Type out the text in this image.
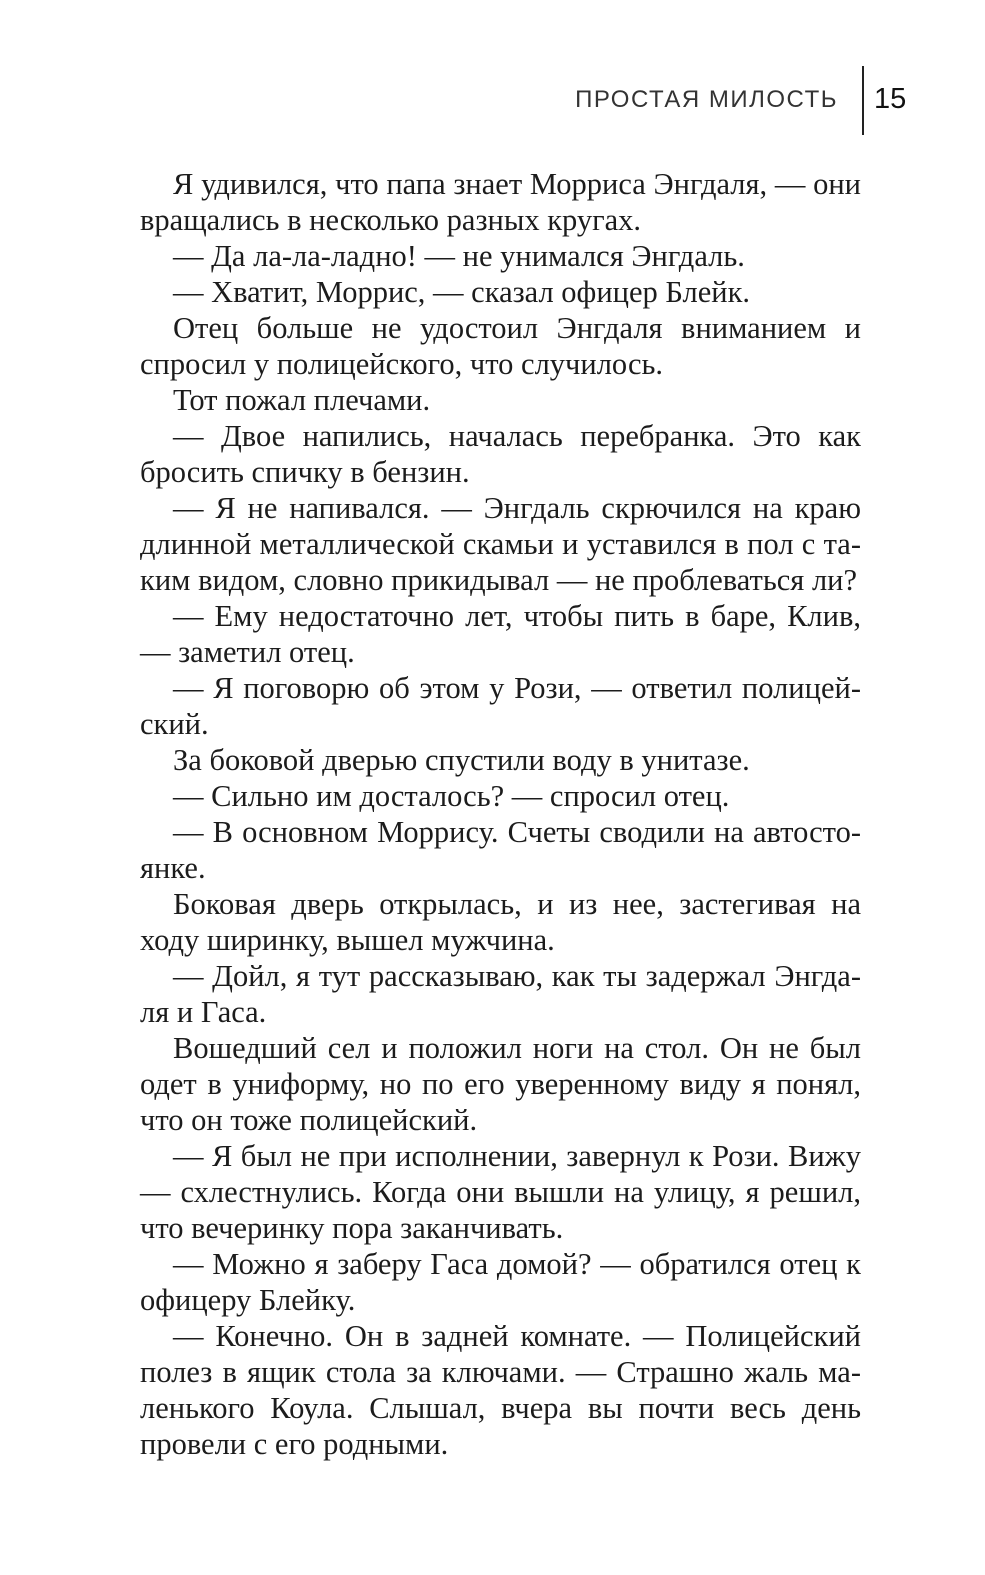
ПРОСТАЯ МИЛОСТЬ 15

Я удивился, что папа знает Морриса Энгдаля, — они вращались в несколько разных кругах.

— Да ла-ла-ладно! — не унимался Энгдаль.

— Хватит, Моррис, — сказал офицер Блейк.

Отец больше не удостоил Энгдаля вниманием и спросил у полицейского, что случилось.

Тот пожал плечами.

— Двое напились, началась перебранка. Это как бросить спичку в бензин.

— Я не напивался. — Энгдаль скрючился на краю длинной металлической скамьи и уставился в пол с таким видом, словно прикидывал — не проблеваться ли?

— Ему недостаточно лет, чтобы пить в баре, Клив, — заметил отец.

— Я поговорю об этом у Рози, — ответил полицейский.

За боковой дверью спустили воду в унитазе.

— Сильно им досталось? — спросил отец.

— В основном Моррису. Счеты сводили на автостоянке.

Боковая дверь открылась, и из нее, застегивая на ходу ширинку, вышел мужчина.

— Дойл, я тут рассказываю, как ты задержал Энгдаля и Гаса.

Вошедший сел и положил ноги на стол. Он не был одет в униформу, но по его уверенному виду я понял, что он тоже полицейский.

— Я был не при исполнении, завернул к Рози. Вижу — схлестнулись. Когда они вышли на улицу, я решил, что вечеринку пора заканчивать.

— Можно я заберу Гаса домой? — обратился отец к офицеру Блейку.

— Конечно. Он в задней комнате. — Полицейский полез в ящик стола за ключами. — Страшно жаль маленького Коула. Слышал, вчера вы почти весь день провели с его родными.
